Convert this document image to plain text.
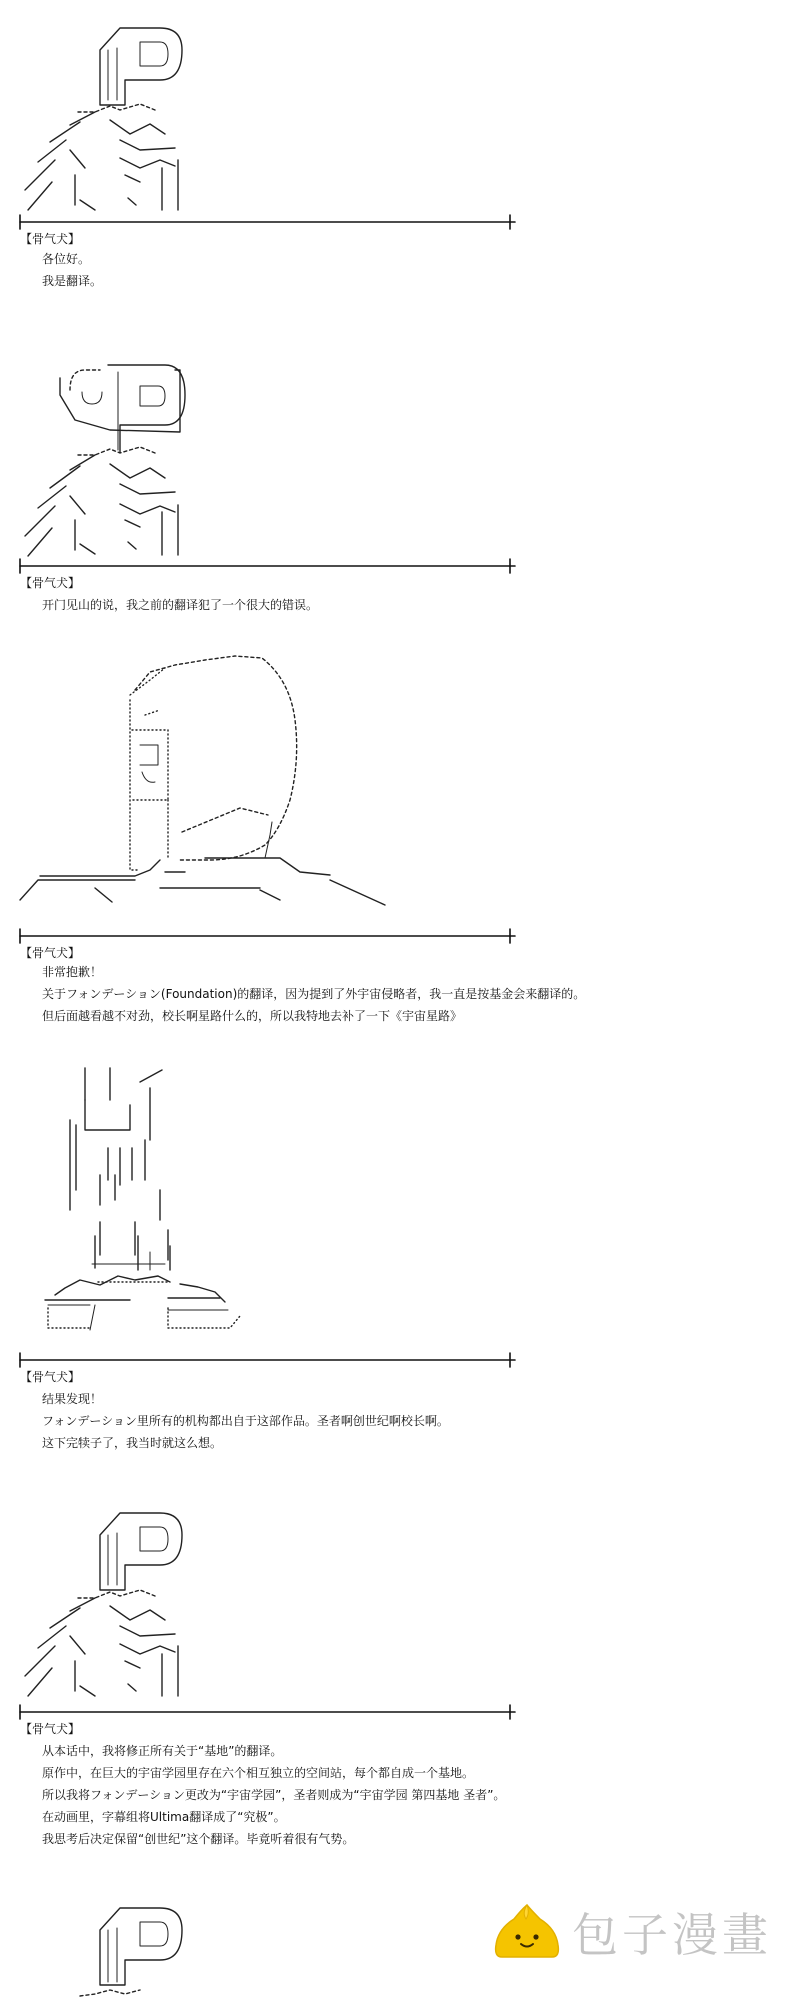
【骨气犬】
各位好。
我是翻译。
【骨气犬】
开门见山的说，我之前的翻译犯了一个很大的错误。
【骨气犬】
非常抱歉！
关于フォンデーション(Foundation)的翻译，因为提到了外宇宙侵略者，我一直是按基金会来翻译的。
但后面越看越不对劲，校长啊星路什么的，所以我特地去补了一下《宇宙星路》
【骨气犬】
结果发现！
フォンデーション里所有的机构都出自于这部作品。圣者啊创世纪啊校长啊。
这下完犊子了，我当时就这么想。
【骨气犬】
从本话中，我将修正所有关于“基地”的翻译。
原作中，在巨大的宇宙学园里存在六个相互独立的空间站，每个都自成一个基地。
所以我将フォンデーション更改为“宇宙学园”，圣者则成为“宇宙学园 第四基地 圣者”。
在动画里，字幕组将Ultima翻译成了“究极”。
我思考后决定保留“创世纪”这个翻译。毕竟听着很有气势。
包子漫畫
